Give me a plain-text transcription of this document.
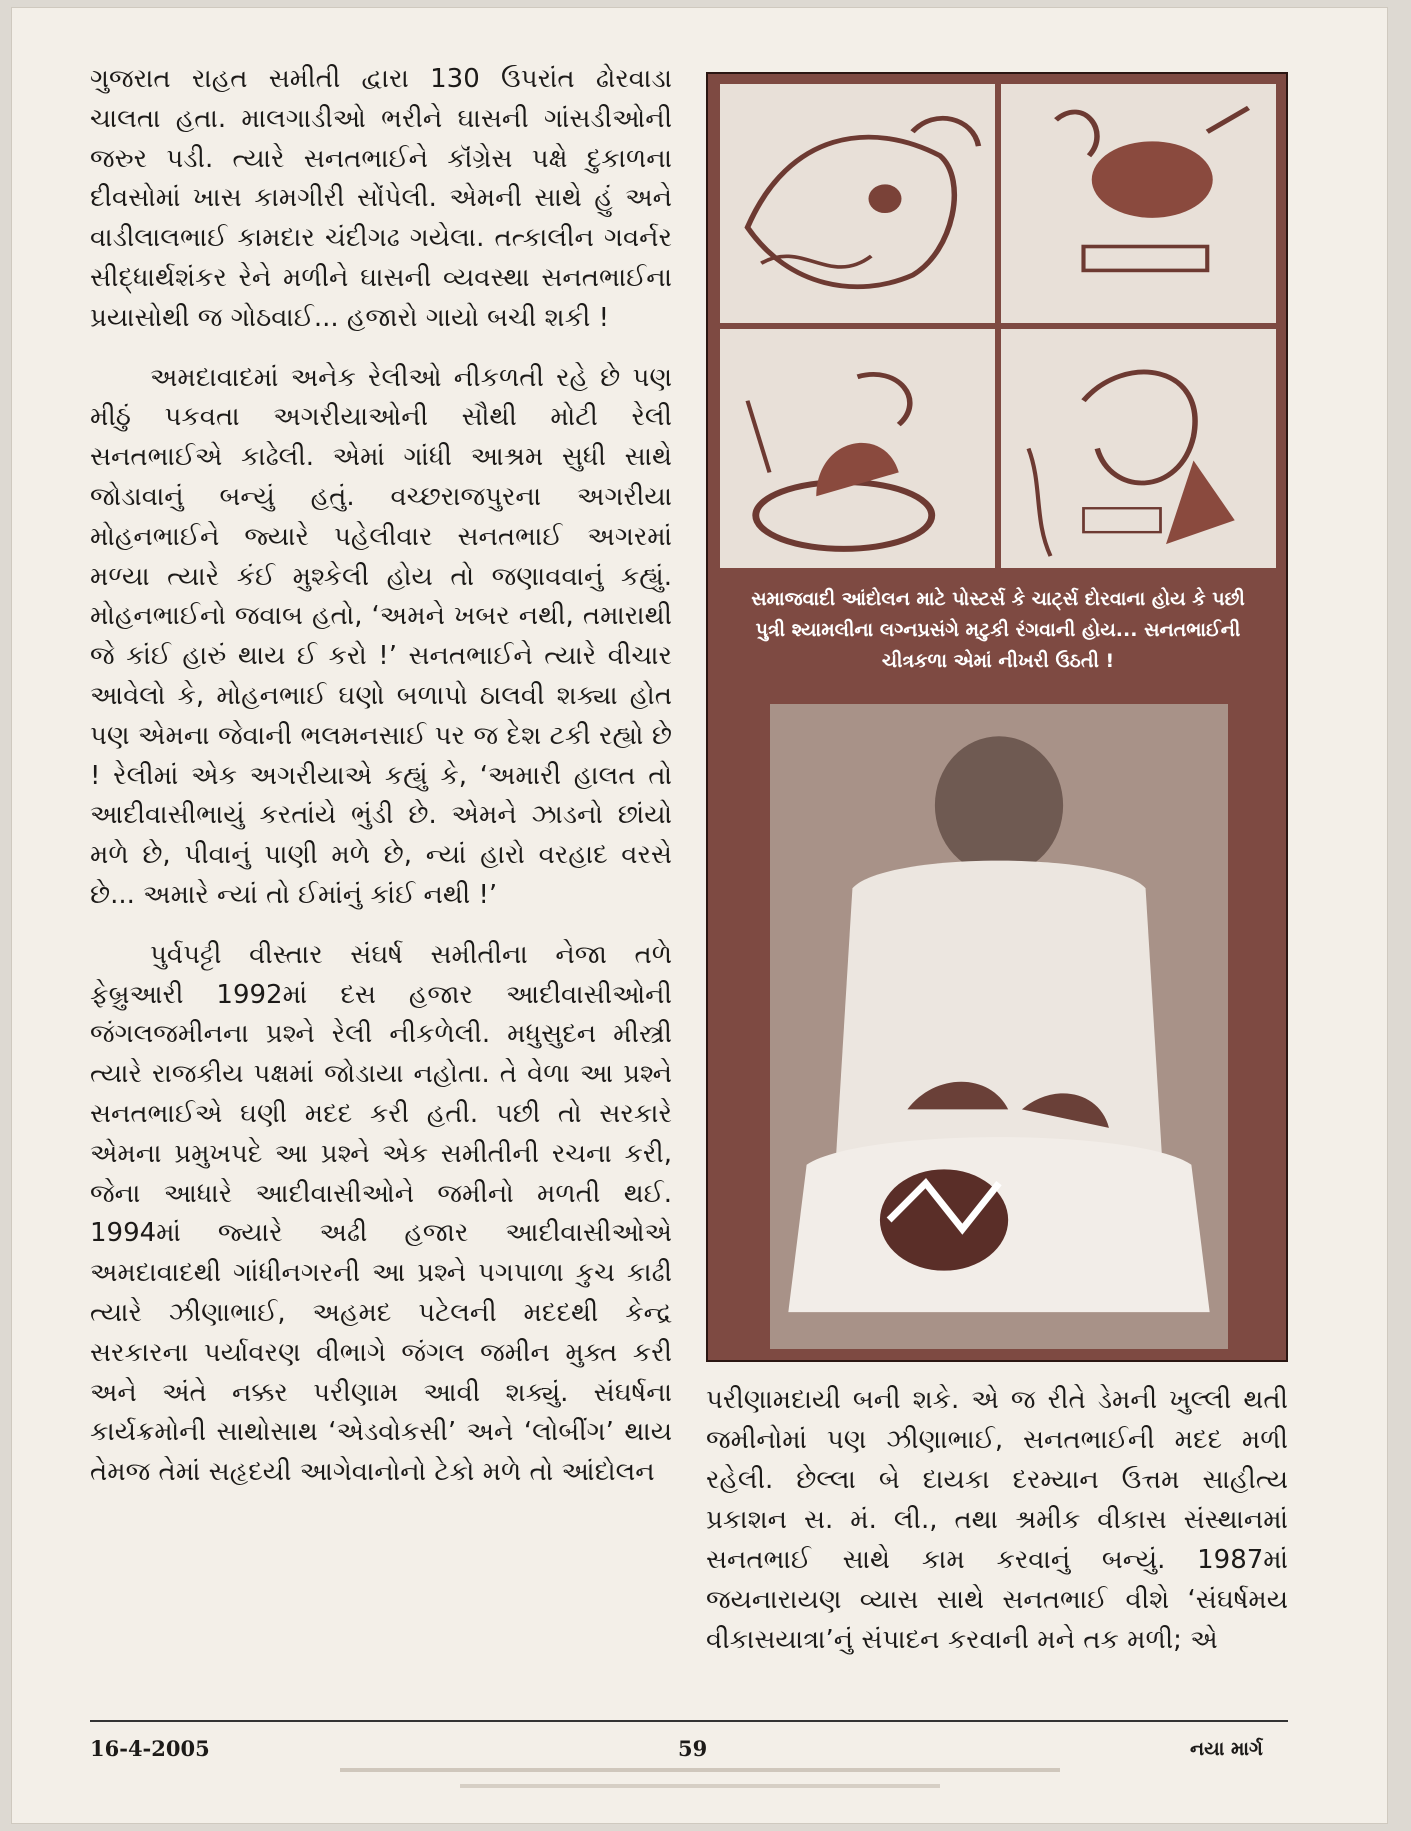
ગુજરાત રાહત સમીતી દ્વારા 130 ઉપરાંત ઢોરવાડા ચાલતા હતા. માલગાડીઓ ભરીને ઘાસની ગાંસડીઓની જરુર પડી. ત્યારે સનતભાઈને કૉંગ્રેસ પક્ષે દુકાળના દીવસોમાં ખાસ કામગીરી સોંપેલી. એમની સાથે હું અને વાડીલાલભાઈ કામદાર ચંદીગઢ ગયેલા. તત્કાલીન ગવર્નર સીદ્ધાર્થશંકર રેને મળીને ઘાસની વ્યવસ્થા સનતભાઈના પ્રયાસોથી જ ગોઠવાઈ... હજારો ગાયો બચી શકી !

અમદાવાદમાં અનેક રેલીઓ નીકળતી રહે છે પણ મીઠું પકવતા અગરીયાઓની સૌથી મોટી રેલી સનતભાઈએ કાઢેલી. એમાં ગાંધી આશ્રમ સુધી સાથે જોડાવાનું બન્યું હતું. વચ્છરાજપુરના અગરીયા મોહનભાઈને જ્યારે પહેલીવાર સનતભાઈ અગરમાં મળ્યા ત્યારે કંઈ મુશ્કેલી હોય તો જણાવવાનું કહ્યું. મોહનભાઈનો જવાબ હતો, ‘અમને ખબર નથી, તમારાથી જે કાંઈ હારું થાય ઈ કરો !’ સનતભાઈને ત્યારે વીચાર આવેલો કે, મોહનભાઈ ઘણો બળાપો ઠાલવી શક્યા હોત પણ એમના જેવાની ભલમનસાઈ પર જ દેશ ટકી રહ્યો છે ! રેલીમાં એક અગરીયાએ કહ્યું કે, ‘અમારી હાલત તો આદીવાસીભાયું કરતાંયે ભુંડી છે. એમને ઝાડનો છાંયો મળે છે, પીવાનું પાણી મળે છે, ન્યાં હારો વરહાદ વરસે છે... અમારે ન્યાં તો ઈમાંનું કાંઈ નથી !’

પુર્વપટ્ટી વીસ્તાર સંઘર્ષ સમીતીના નેજા તળે ફેબ્રુઆરી 1992માં દસ હજાર આદીવાસીઓની જંગલજમીનના પ્રશ્ને રેલી નીકળેલી. મધુસુદન મીસ્ત્રી ત્યારે રાજકીય પક્ષમાં જોડાયા નહોતા. તે વેળા આ પ્રશ્ને સનતભાઈએ ઘણી મદદ કરી હતી. પછી તો સરકારે એમના પ્રમુખપદે આ પ્રશ્ને એક સમીતીની રચના કરી, જેના આધારે આદીવાસીઓને જમીનો મળતી થઈ. 1994માં જ્યારે અઢી હજાર આદીવાસીઓએ અમદાવાદથી ગાંધીનગરની આ પ્રશ્ને પગપાળા કુચ કાઢી ત્યારે ઝીણાભાઈ, અહમદ પટેલની મદદથી કેન્દ્ર સરકારના પર્યાવરણ વીભાગે જંગલ જમીન મુક્ત કરી અને અંતે નક્કર પરીણામ આવી શક્યું. સંઘર્ષના કાર્યક્રમોની સાથોસાથ ‘એડવોકસી’ અને ‘લોબીંગ’ થાય તેમજ તેમાં સહૃદયી આગેવાનોનો ટેકો મળે તો આંદોલન

સમાજવાદી આંદોલન માટે પોસ્ટર્સ કે ચાર્ટ્સ દોરવાના હોય કે પછી
પુત્રી શ્યામલીના લગ્નપ્રસંગે મટુકી રંગવાની હોય... સનતભાઈની
ચીત્રકળા એમાં નીખરી ઉઠતી !

પરીણામદાયી બની શકે. એ જ રીતે ડેમની ખુલ્લી થતી જમીનોમાં પણ ઝીણાભાઈ, સનતભાઈની મદદ મળી રહેલી. છેલ્લા બે દાયકા દરમ્યાન ઉત્તમ સાહીત્ય પ્રકાશન સ. મં. લી., તથા શ્રમીક વીકાસ સંસ્થાનમાં સનતભાઈ સાથે કામ કરવાનું બન્યું. 1987માં જયનારાયણ વ્યાસ સાથે સનતભાઈ વીશે ‘સંઘર્ષમય વીકાસયાત્રા’નું સંપાદન કરવાની મને તક મળી; એ

16-4-2005	59	નયા માર્ગ
